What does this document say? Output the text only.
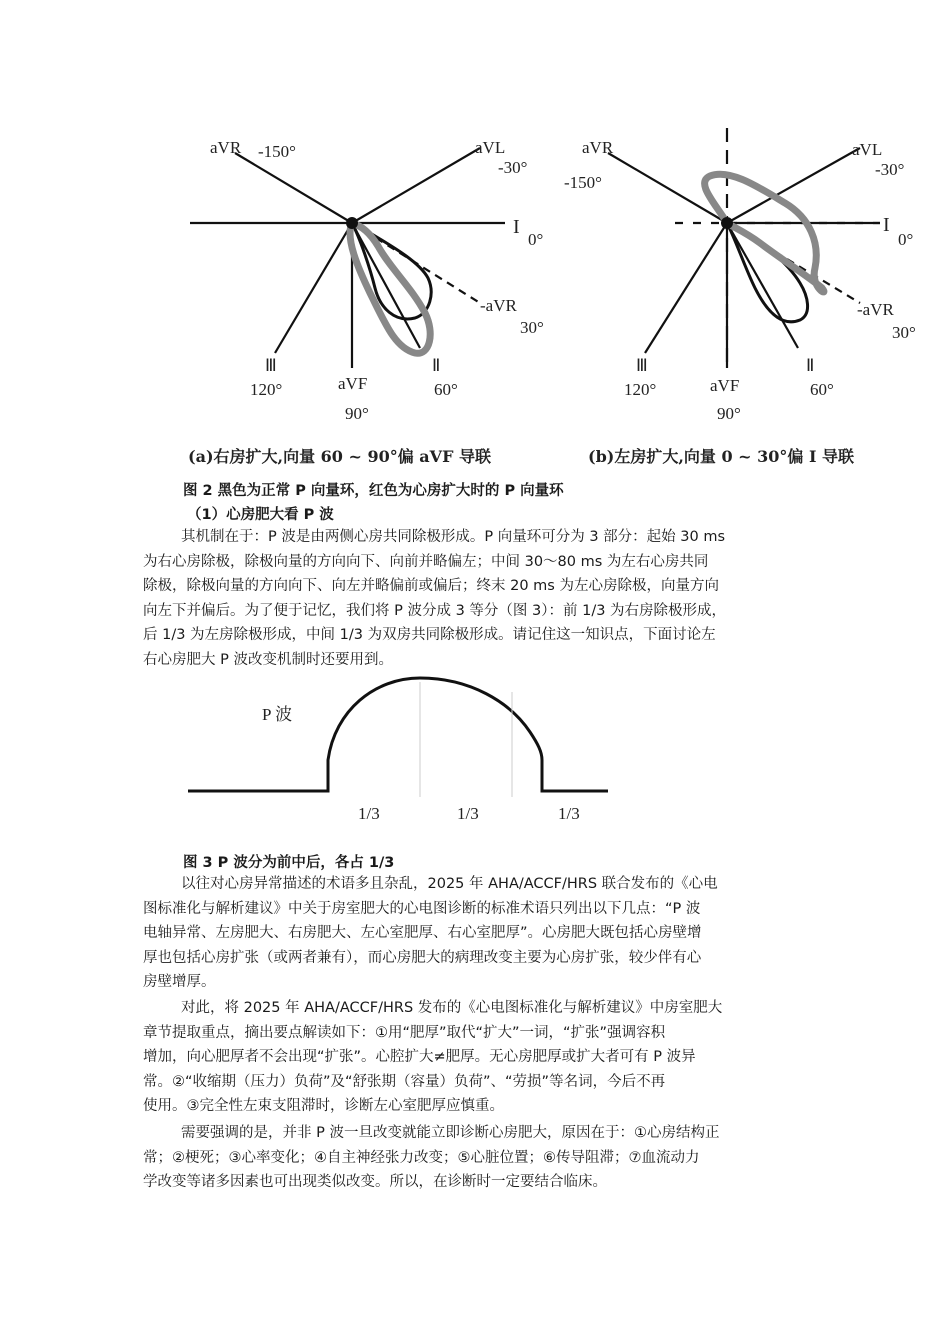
aVR -150°	aVL
-30°
I
0°
-aVR
30°
Ⅲ
120°	aVF
90°
Ⅱ
60°
(a)右房扩大,向量 60 ~ 90°偏 aVF 导联
aVR
-150°
aVL
-30°
I
0°
-aVR
30°
Ⅲ
120°	aVF
90°
Ⅱ
60°
(b)左房扩大,向量 0 ~ 30°偏 I 导联
图 2 黑色为正常 P 向量环，红色为心房扩大时的 P 向量环
（1）心房肥大看 P 波
其机制在于：P 波是由两侧心房共同除极形成。P 向量环可分为 3 部分：起始 30 ms
为右心房除极，除极向量的方向向下、向前并略偏左；中间 30～80 ms 为左右心房共同
除极，除极向量的方向向下、向左并略偏前或偏后；终末 20 ms 为左心房除极，向量方向
向左下并偏后。为了便于记忆，我们将 P 波分成 3 等分（图 3）：前 1/3 为右房除极形成，
后 1/3 为左房除极形成，中间 1/3 为双房共同除极形成。请记住这一知识点，下面讨论左
右心房肥大 P 波改变机制时还要用到。
P 波
1/3	1/3	1/3
图 3 P 波分为前中后，各占 1/3
以往对心房异常描述的术语多且杂乱，2025 年 AHA/ACCF/HRS 联合发布的《心电
图标准化与解析建议》中关于房室肥大的心电图诊断的标准术语只列出以下几点：“P 波
电轴异常、左房肥大、右房肥大、左心室肥厚、右心室肥厚”。心房肥大既包括心房壁增
厚也包括心房扩张（或两者兼有），而心房肥大的病理改变主要为心房扩张，较少伴有心
房壁增厚。
对此，将 2025 年 AHA/ACCF/HRS 发布的《心电图标准化与解析建议》中房室肥大
章节提取重点，摘出要点解读如下：①用“肥厚”取代“扩大”一词，“扩张”强调容积
增加，向心肥厚者不会出现“扩张”。心腔扩大≠肥厚。无心房肥厚或扩大者可有 P 波异
常。②“收缩期（压力）负荷”及“舒张期（容量）负荷”、“劳损”等名词，今后不再
使用。③完全性左束支阻滞时，诊断左心室肥厚应慎重。
需要强调的是，并非 P 波一旦改变就能立即诊断心房肥大，原因在于：①心房结构正
常；②梗死；③心率变化；④自主神经张力改变；⑤心脏位置；⑥传导阻滞；⑦血流动力
学改变等诸多因素也可出现类似改变。所以，在诊断时一定要结合临床。
